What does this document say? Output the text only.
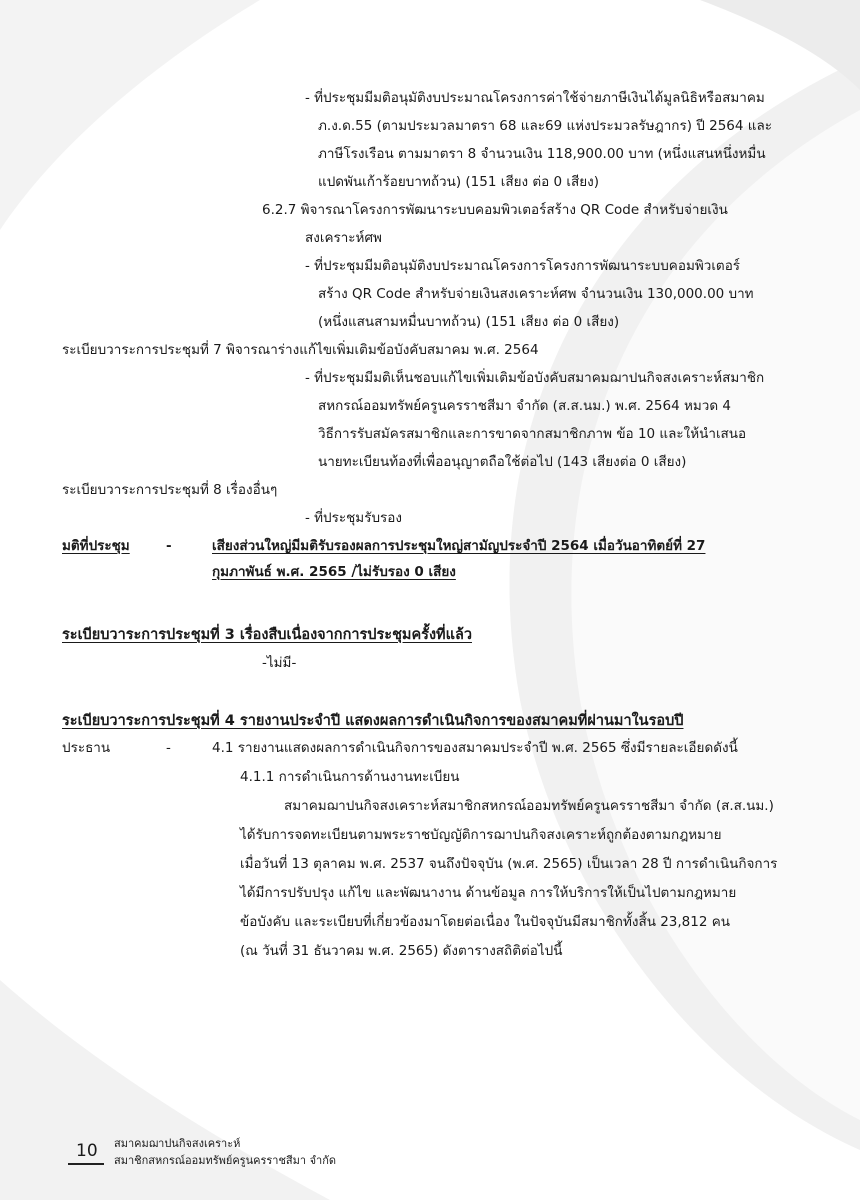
- ที่ประชุมมีมติอนุมัติงบประมาณโครงการค่าใช้จ่ายภาษีเงินได้มูลนิธิหรือสมาคม
ภ.ง.ด.55 (ตามประมวลมาตรา 68 และ69 แห่งประมวลรัษฎากร) ปี 2564 และ
ภาษีโรงเรือน ตามมาตรา 8 จำนวนเงิน 118,900.00 บาท (หนึ่งแสนหนึ่งหมื่น
แปดพันเก้าร้อยบาทถ้วน) (151 เสียง ต่อ 0 เสียง)
6.2.7 พิจารณาโครงการพัฒนาระบบคอมพิวเตอร์สร้าง QR Code สำหรับจ่ายเงิน
สงเคราะห์ศพ
- ที่ประชุมมีมติอนุมัติงบประมาณโครงการโครงการพัฒนาระบบคอมพิวเตอร์
สร้าง QR Code สำหรับจ่ายเงินสงเคราะห์ศพ จำนวนเงิน 130,000.00 บาท
(หนึ่งแสนสามหมื่นบาทถ้วน) (151 เสียง ต่อ 0 เสียง)
ระเบียบวาระการประชุมที่ 7 พิจารณาร่างแก้ไขเพิ่มเติมข้อบังคับสมาคม พ.ศ. 2564
- ที่ประชุมมีมติเห็นชอบแก้ไขเพิ่มเติมข้อบังคับสมาคมฌาปนกิจสงเคราะห์สมาชิก
สหกรณ์ออมทรัพย์ครูนครราชสีมา จำกัด (ส.ส.นม.) พ.ศ. 2564 หมวด 4
วิธีการรับสมัครสมาชิกและการขาดจากสมาชิกภาพ ข้อ 10 และให้นำเสนอ
นายทะเบียนท้องที่เพื่ออนุญาตถือใช้ต่อไป (143 เสียงต่อ 0 เสียง)
ระเบียบวาระการประชุมที่ 8 เรื่องอื่นๆ
- ที่ประชุมรับรอง
มติที่ประชุม	-	เสียงส่วนใหญ่มีมติรับรองผลการประชุมใหญ่สามัญประจำปี 2564 เมื่อวันอาทิตย์ที่ 27
กุมภาพันธ์ พ.ศ. 2565 /ไม่รับรอง 0 เสียง
ระเบียบวาระการประชุมที่ 3 เรื่องสืบเนื่องจากการประชุมครั้งที่แล้ว
-ไม่มี-
ระเบียบวาระการประชุมที่ 4 รายงานประจำปี แสดงผลการดำเนินกิจการของสมาคมที่ผ่านมาในรอบปี
ประธาน	-	4.1 รายงานแสดงผลการดำเนินกิจการของสมาคมประจำปี พ.ศ. 2565 ซึ่งมีรายละเอียดดังนี้
4.1.1 การดำเนินการด้านงานทะเบียน
สมาคมฌาปนกิจสงเคราะห์สมาชิกสหกรณ์ออมทรัพย์ครูนครราชสีมา จำกัด (ส.ส.นม.)
ได้รับการจดทะเบียนตามพระราชบัญญัติการฌาปนกิจสงเคราะห์ถูกต้องตามกฎหมาย
เมื่อวันที่ 13 ตุลาคม พ.ศ. 2537 จนถึงปัจจุบัน (พ.ศ. 2565) เป็นเวลา 28 ปี การดำเนินกิจการ
ได้มีการปรับปรุง แก้ไข และพัฒนางาน ด้านข้อมูล การให้บริการให้เป็นไปตามกฎหมาย
ข้อบังคับ และระเบียบที่เกี่ยวข้องมาโดยต่อเนื่อง ในปัจจุบันมีสมาชิกทั้งสิ้น 23,812 คน
(ณ วันที่ 31 ธันวาคม พ.ศ. 2565) ดังตารางสถิติต่อไปนี้
10 สมาคมฌาปนกิจสงเคราะห์
สมาชิกสหกรณ์ออมทรัพย์ครูนครราชสีมา จำกัด
